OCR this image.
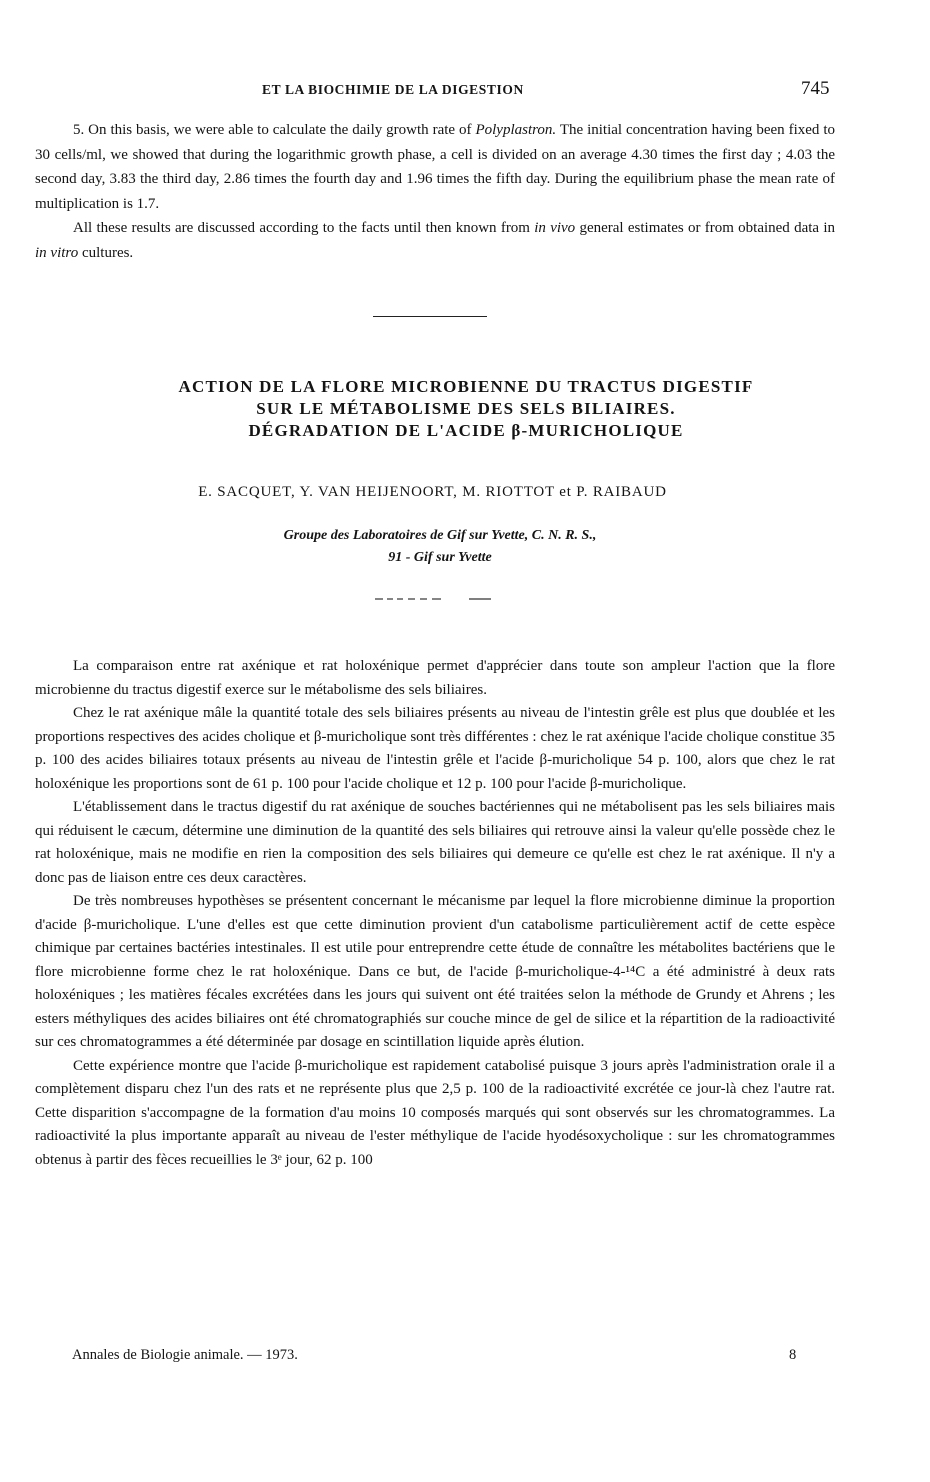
ET LA BIOCHIMIE DE LA DIGESTION	745

5. On this basis, we were able to calculate the daily growth rate of Polyplastron. The initial concentration having been fixed to 30 cells/ml, we showed that during the logarithmic growth phase, a cell is divided on an average 4.30 times the first day ; 4.03 the second day, 3.83 the third day, 2.86 times the fourth day and 1.96 times the fifth day. During the equilibrium phase the mean rate of multiplication is 1.7.

All these results are discussed according to the facts until then known from in vivo general estimates or from obtained data in in vitro cultures.

ACTION DE LA FLORE MICROBIENNE DU TRACTUS DIGESTIF
SUR LE MÉTABOLISME DES SELS BILIAIRES.
DÉGRADATION DE L'ACIDE β-MURICHOLIQUE
E. SACQUET, Y. VAN HEIJENOORT, M. RIOTTOT et P. RAIBAUD
Groupe des Laboratoires de Gif sur Yvette, C. N. R. S.,
91 - Gif sur Yvette

La comparaison entre rat axénique et rat holoxénique permet d'apprécier dans toute son ampleur l'action que la flore microbienne du tractus digestif exerce sur le métabolisme des sels biliaires.

Chez le rat axénique mâle la quantité totale des sels biliaires présents au niveau de l'intestin grêle est plus que doublée et les proportions respectives des acides cholique et β-muricholique sont très différentes : chez le rat axénique l'acide cholique constitue 35 p. 100 des acides biliaires totaux présents au niveau de l'intestin grêle et l'acide β-muricholique 54 p. 100, alors que chez le rat holoxénique les proportions sont de 61 p. 100 pour l'acide cholique et 12 p. 100 pour l'acide β-muricholique.

L'établissement dans le tractus digestif du rat axénique de souches bactériennes qui ne métabolisent pas les sels biliaires mais qui réduisent le cæcum, détermine une diminution de la quantité des sels biliaires qui retrouve ainsi la valeur qu'elle possède chez le rat holoxénique, mais ne modifie en rien la composition des sels biliaires qui demeure ce qu'elle est chez le rat axénique. Il n'y a donc pas de liaison entre ces deux caractères.

De très nombreuses hypothèses se présentent concernant le mécanisme par lequel la flore microbienne diminue la proportion d'acide β-muricholique. L'une d'elles est que cette diminution provient d'un catabolisme particulièrement actif de cette espèce chimique par certaines bactéries intestinales. Il est utile pour entreprendre cette étude de connaître les métabolites bactériens que le flore microbienne forme chez le rat holoxénique. Dans ce but, de l'acide β-muricholique-4-¹⁴C a été administré à deux rats holoxéniques ; les matières fécales excrétées dans les jours qui suivent ont été traitées selon la méthode de Grundy et Ahrens ; les esters méthyliques des acides biliaires ont été chromatographiés sur couche mince de gel de silice et la répartition de la radioactivité sur ces chromatogrammes a été déterminée par dosage en scintillation liquide après élution.

Cette expérience montre que l'acide β-muricholique est rapidement catabolisé puisque 3 jours après l'administration orale il a complètement disparu chez l'un des rats et ne représente plus que 2,5 p. 100 de la radioactivité excrétée ce jour-là chez l'autre rat. Cette disparition s'accompagne de la formation d'au moins 10 composés marqués qui sont observés sur les chromatogrammes. La radioactivité la plus importante apparaît au niveau de l'ester méthylique de l'acide hyodésoxycholique : sur les chromatogrammes obtenus à partir des fèces recueillies le 3ᵉ jour, 62 p. 100

Annales de Biologie animale. — 1973.	8
